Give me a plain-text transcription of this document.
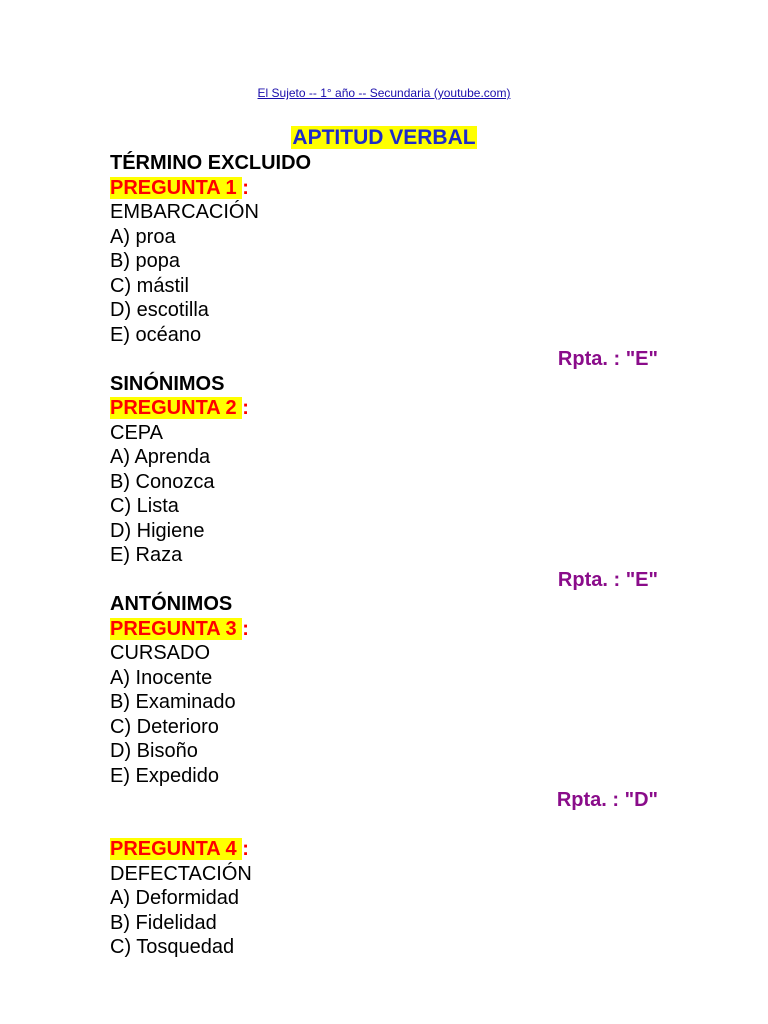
El Sujeto -- 1° año -- Secundaria (youtube.com)
APTITUD VERBAL
TÉRMINO EXCLUIDO
PREGUNTA 1 :
EMBARCACIÓN
A) proa
B) popa
C) mástil
D) escotilla
E) océano
Rpta. : "E"
SINÓNIMOS
PREGUNTA 2 :
CEPA
A) Aprenda
B) Conozca
C) Lista
D) Higiene
E) Raza
Rpta. : "E"
ANTÓNIMOS
PREGUNTA 3 :
CURSADO
A) Inocente
B) Examinado
C) Deterioro
D) Bisoño
E) Expedido
Rpta. : "D"
PREGUNTA 4 :
DEFECTACIÓN
A) Deformidad
B) Fidelidad
C) Tosquedad
